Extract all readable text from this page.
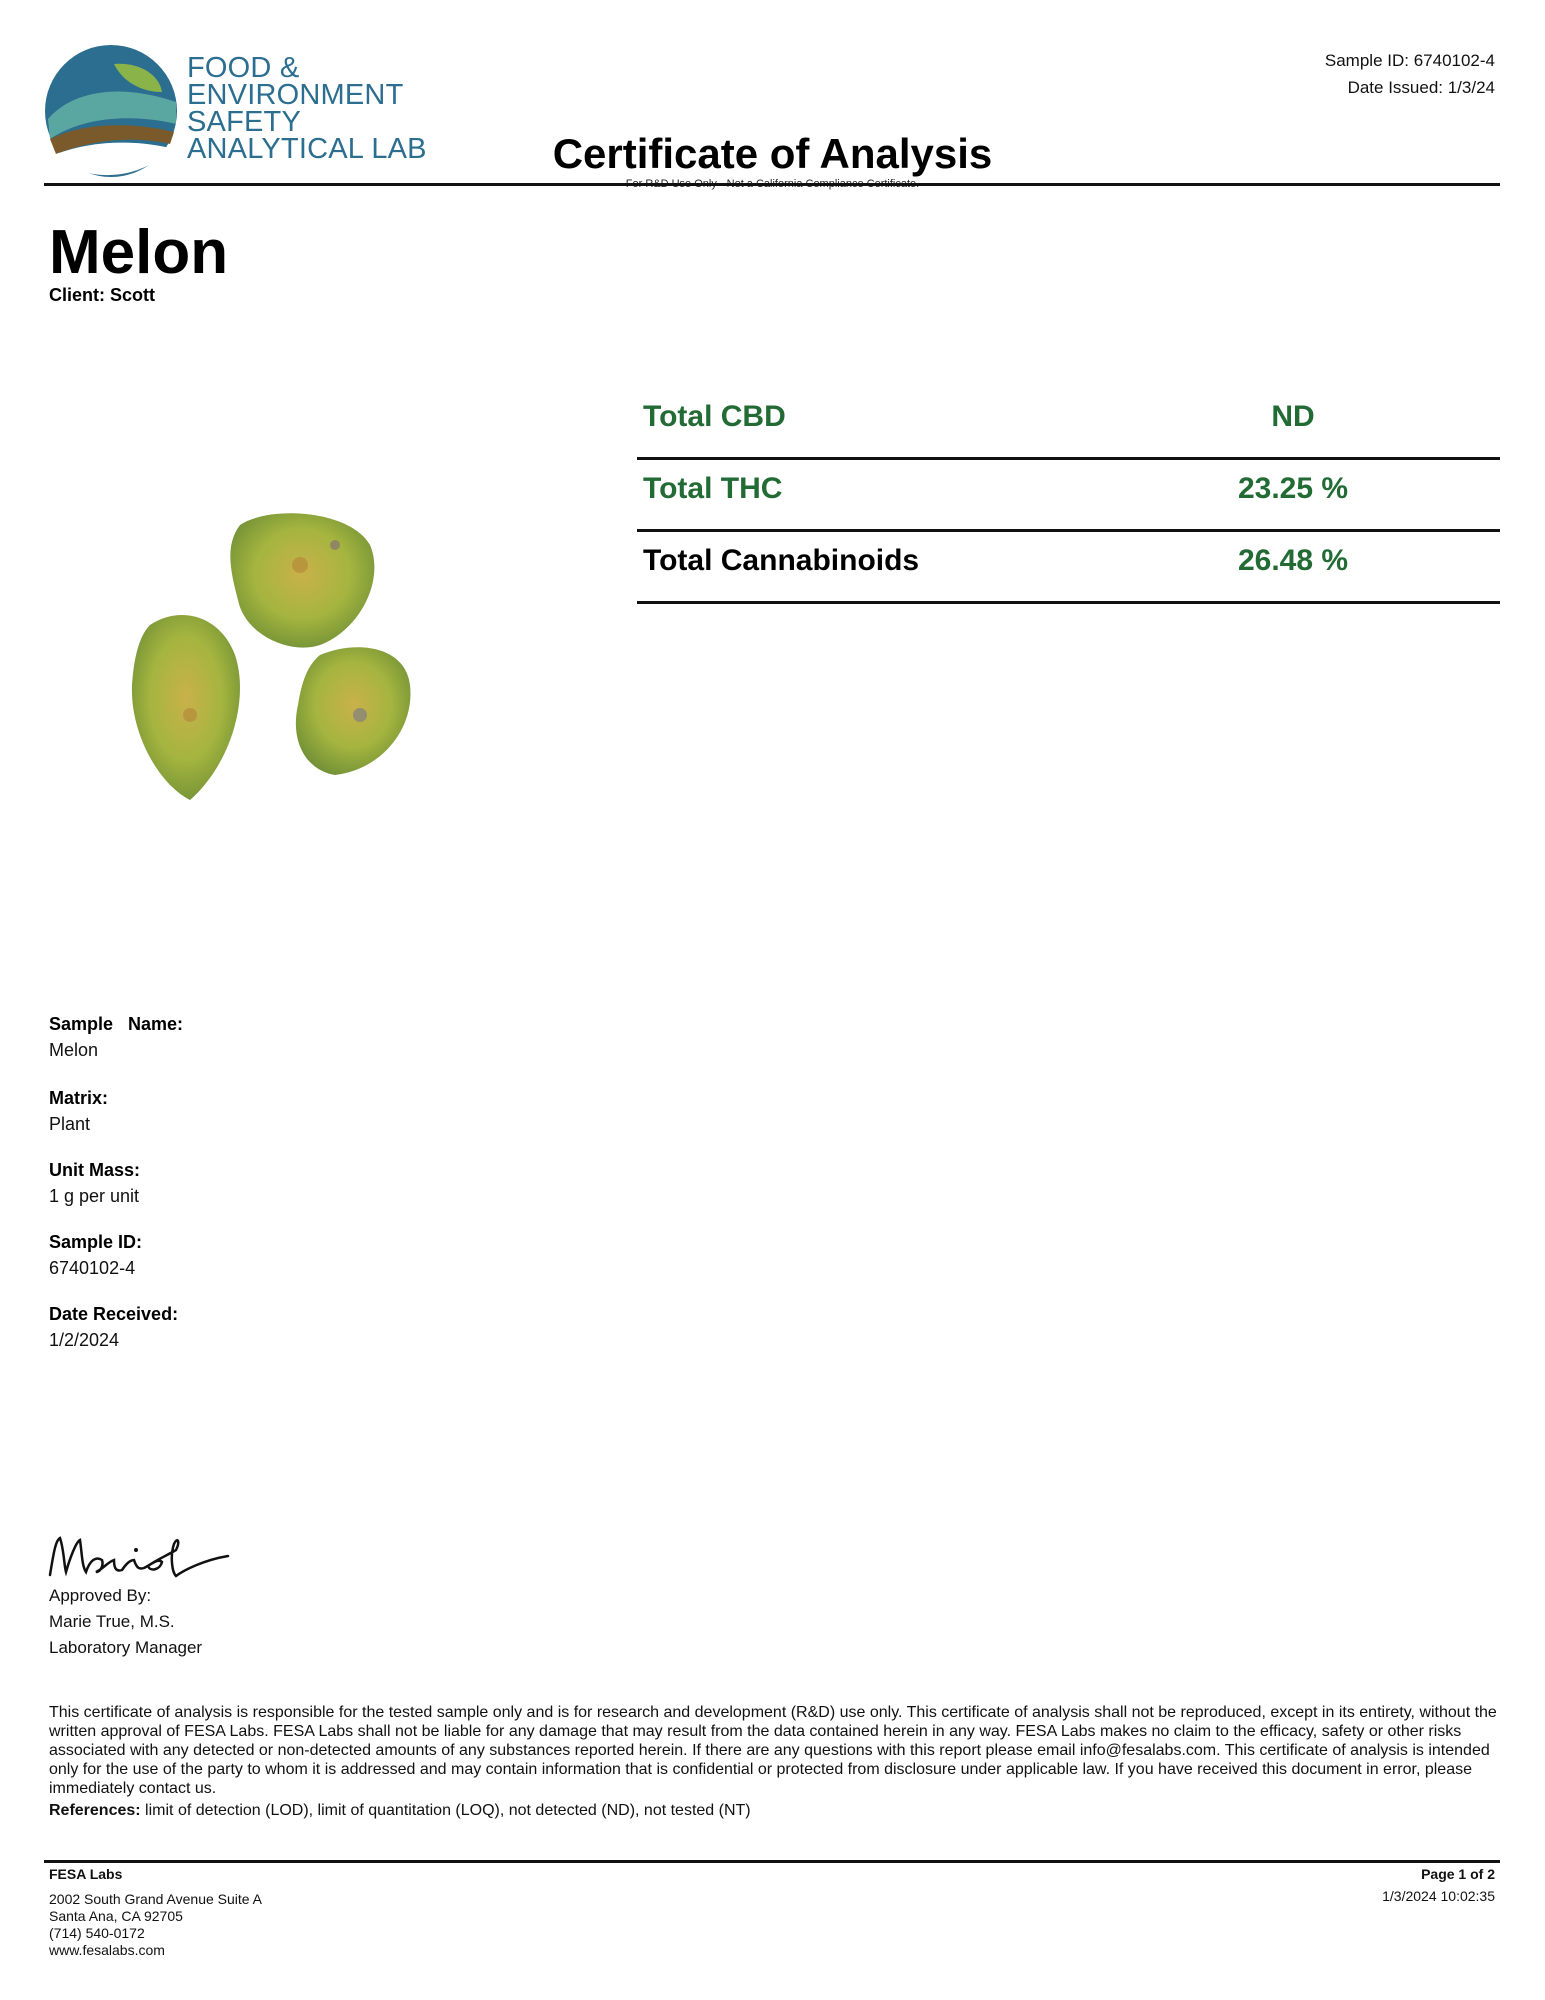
FOOD &
ENVIRONMENT
SAFETY
ANALYTICAL LAB
Sample ID: 6740102-4
Date Issued: 1/3/24
Certificate of Analysis
Melon
Client: Scott
Total CBD	ND
Total THC	23.25 %
Total Cannabinoids	26.48 %
Sample   Name:
Melon
Matrix:
Plant
Unit Mass:
1 g per unit
Sample ID:
6740102-4
Date Received:
1/2/2024
Approved By:
Marie True, M.S.
Laboratory Manager
This certificate of analysis is responsible for the tested sample only and is for research and development (R&D) use only. This certificate of analysis shall not be reproduced, except in its entirety, without the written approval of FESA Labs. FESA Labs shall not be liable for any damage that may result from the data contained herein in any way. FESA Labs makes no claim to the efficacy, safety or other risks associated with any detected or non-detected amounts of any substances reported herein. If there are any questions with this report please email info@fesalabs.com. This certificate of analysis is intended only for the use of the party to whom it is addressed and may contain information that is confidential or protected from disclosure under applicable law. If you have received this document in error, please immediately contact us.
References: limit of detection (LOD), limit of quantitation (LOQ), not detected (ND), not tested (NT)
FESA Labs
2002 South Grand Avenue Suite A
Santa Ana, CA 92705
(714) 540-0172
www.fesalabs.com
Page 1 of 2
1/3/2024 10:02:35
